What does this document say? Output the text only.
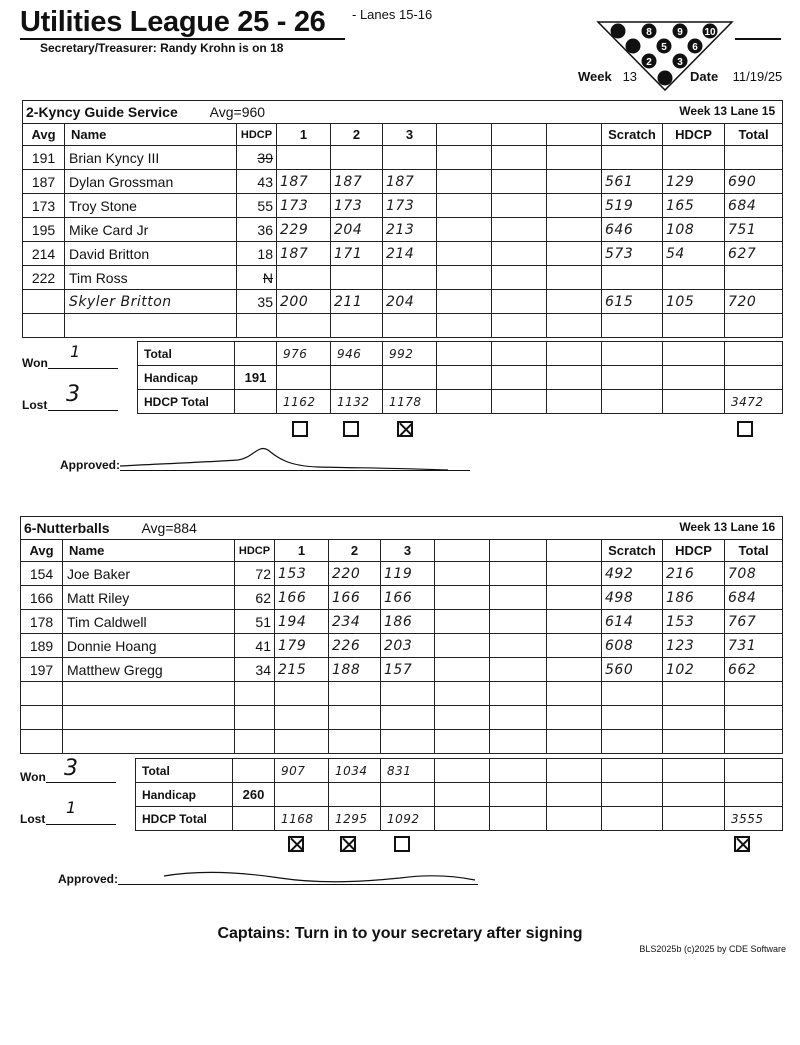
Utilities League 25 - 26 - Lanes 15-16
Secretary/Treasurer: Randy Krohn is on 18
8	9 10
5	6
2	3
Week 13	Date 11/19/25
2-Kyncy Guide Service Avg=960 Week 13 Lane 15											

Avg	Name	HDCP	1	2	3				Scratch	HDCP	Total
191	Brian Kyncy III	39									
187	Dylan Grossman	43	187	187	187				561	129	690
173	Troy Stone	55	173	173	173				519	165	684
195	Mike Card Jr	36	229	204	213				646	108	751
214	David Britton	18	187	171	214				573	54	627
222	Tim Ross	N									
	Skyler Britton	35	200	211	204				615	105	720

Won
1
Lost 3
Total		976	946	992						
Handicap	191									
HDCP Total		1162	1132	1178						3472
Approved:
6-Nutterballs Avg=884 Week 13 Lane 16											

Avg	Name	HDCP	1	2	3				Scratch	HDCP	Total
154	Joe Baker	72	153	220	119				492	216	708
166	Matt Riley	62	166	166	166				498	186	684
178	Tim Caldwell	51	194	234	186				614	153	767
189	Donnie Hoang	41	179	226	203				608	123	731
197	Matthew Gregg	34	215	188	157				560	102	662

Won 3
Lost
1
Total		907	1034	831						
Handicap	260									
HDCP Total		1168	1295	1092						3555
Approved:
Captains: Turn in to your secretary after signing
BLS2025b (c)2025 by CDE Software
